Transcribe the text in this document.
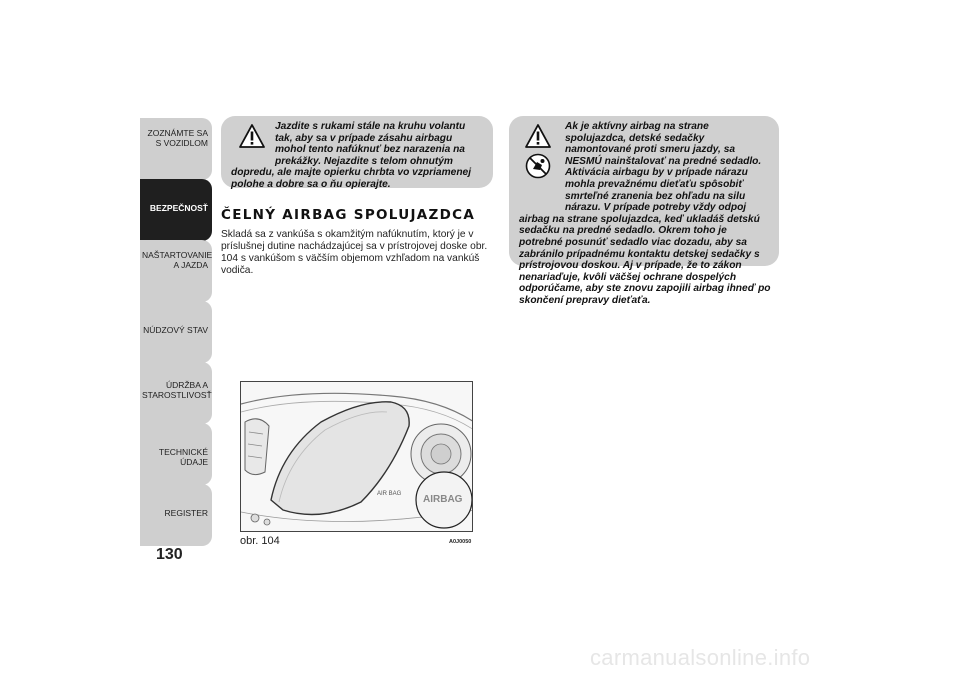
ZOZNÁMTE SA S VOZIDLOM
BEZPEČNOSŤ
NAŠTARTOVANIE A JAZDA
NÚDZOVÝ STAV
ÚDRŽBA A STAROSTLIVOSŤ
TECHNICKÉ ÚDAJE
REGISTER
130

Jazdite s rukami stále na kruhu volantu tak, aby sa v prípade zásahu airbagu mohol tento nafúknuť bez narazenia na prekážky. Nejazdite s telom ohnutým

dopredu, ale majte opierku chrbta vo vzpriamenej polohe a dobre sa o ňu opierajte.

Ak je aktívny airbag na strane spolujazdca, detské sedačky namontované proti smeru jazdy, sa NESMÚ nainštalovať na predné sedadlo. Aktivácia airbagu by v prípade nárazu mohla prevažnému dieťaťu spôsobiť smrteľné zranenia bez ohľadu na silu nárazu. V prípade potreby vždy odpoj

airbag na strane spolujazdca, keď ukladáš detskú sedačku na predné sedadlo. Okrem toho je potrebné posunúť sedadlo viac dozadu, aby sa zabránilo prípadnému kontaktu detskej sedačky s prístrojovou doskou. Aj v prípade, že to zákon nenariaďuje, kvôli väčšej ochrane dospelých odporúčame, aby ste znovu zapojili airbag ihneď po skončení prepravy dieťaťa.

ČELNÝ AIRBAG SPOLUJAZDCA
Skladá sa z vankúša s okamžitým nafúknutím, ktorý je v príslušnej dutine nachádzajúcej sa v prístrojovej doske obr. 104 s vankúšom s väčším objemom vzhľadom na vankúš vodiča.
AIR BAG AIRBAG
obr. 104	A0J0050
carmanualsonline.info
